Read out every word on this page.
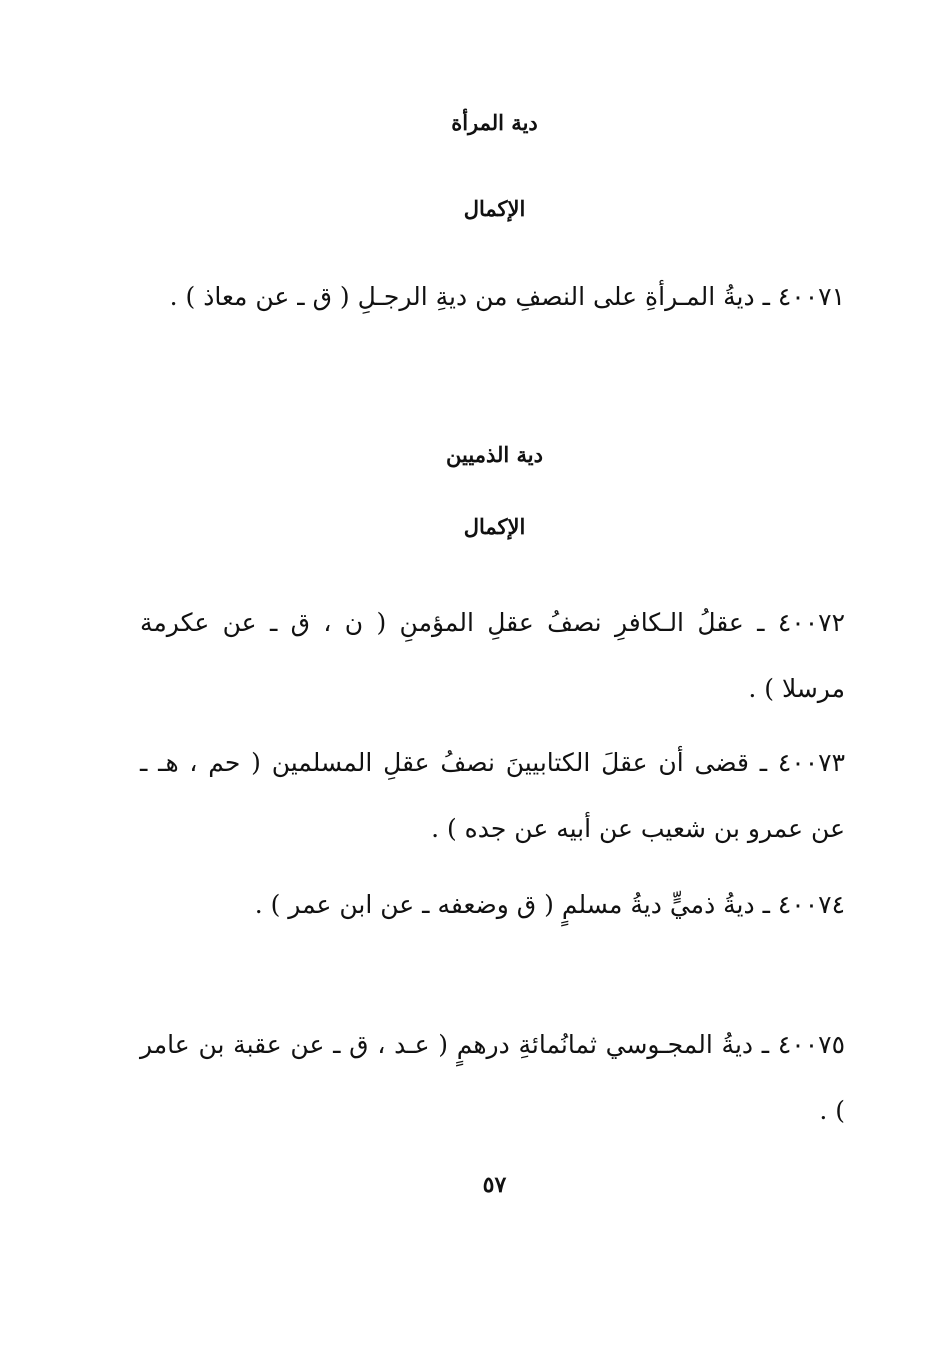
دية المرأة
الإكمال
٤٠٠٧١ ـ ديةُ المـرأةِ على النصفِ من ديةِ الرجـلِ ( ق ـ عن معاذ ) .
دية الذميين
الإكمال
٤٠٠٧٢ ـ عقلُ الـكافرِ نصفُ عقلِ المؤمنِ ( ن ، ق ـ عن عكرمة مرسلا ) .
٤٠٠٧٣ ـ قضى أن عقلَ الكتابيينَ نصفُ عقلِ المسلمين ( حم ، هـ ـ عن عمرو بن شعيب عن أبيه عن جده ) .
٤٠٠٧٤ ـ ديةُ ذميٍّ ديةُ مسلمٍ ( ق وضعفه ـ عن ابن عمر ) .
٤٠٠٧٥ ـ ديةُ المجـوسي ثمانُمائةِ درهمٍ ( عـد ، ق ـ عن عقبة بن عامر ) .
٥٧
